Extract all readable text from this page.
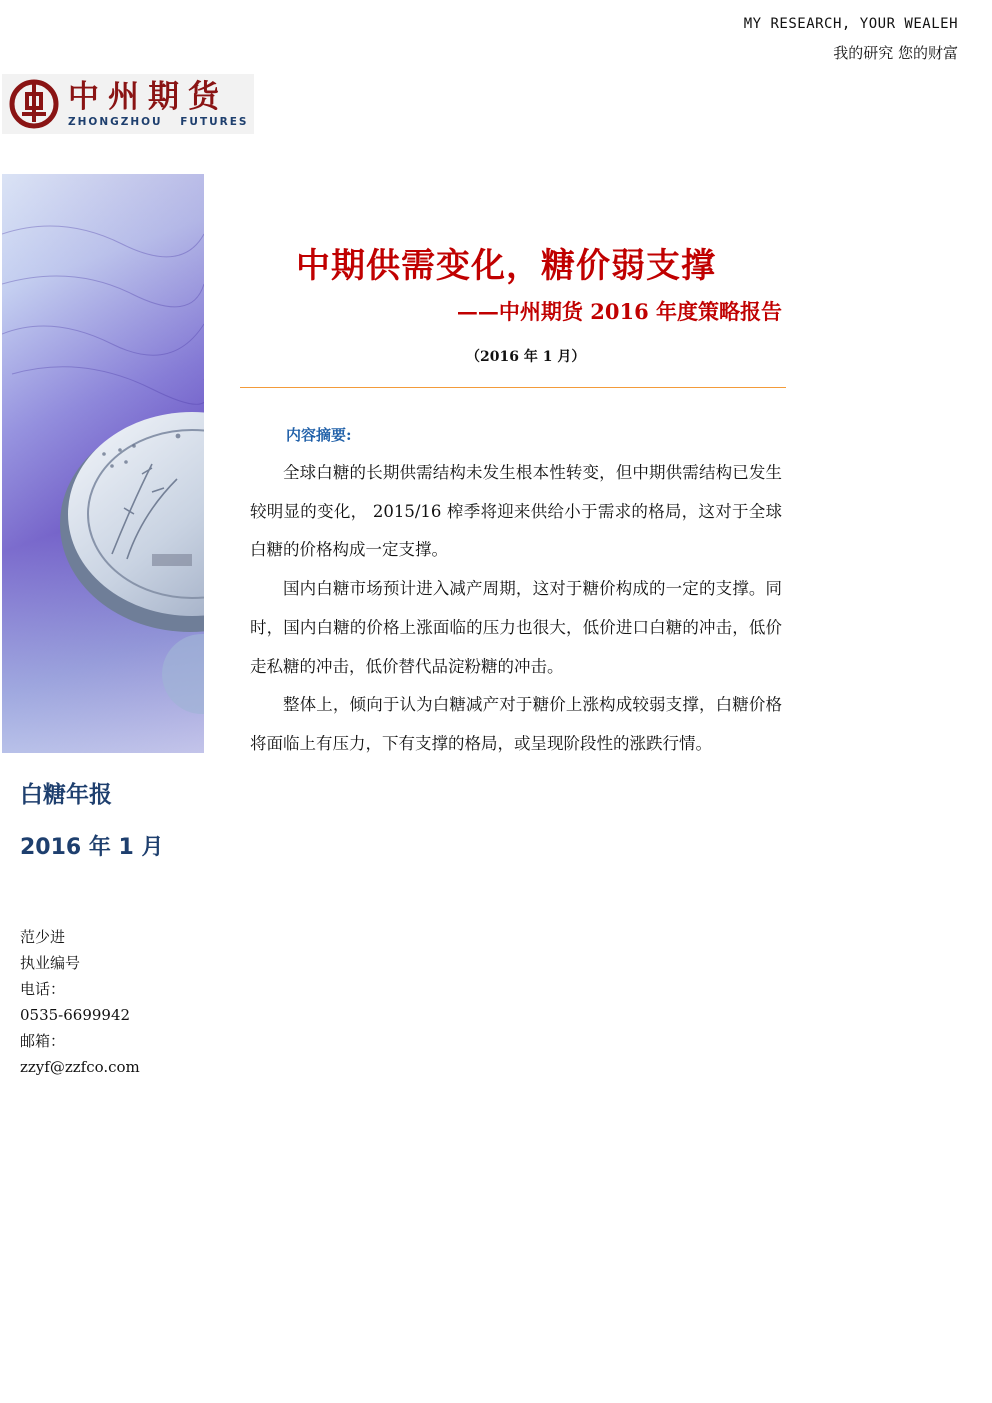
MY RESEARCH, YOUR WEALEH
我的研究 您的财富
中州期货
ZHONGZHOU FUTURES
中期供需变化，糖价弱支撑
——中州期货 2016 年度策略报告
（2016 年 1 月）
内容摘要:

全球白糖的长期供需结构未发生根本性转变，但中期供需结构已发生较明显的变化， 2015/16 榨季将迎来供给小于需求的格局，这对于全球白糖的价格构成一定支撑。

国内白糖市场预计进入减产周期，这对于糖价构成的一定的支撑。同时，国内白糖的价格上涨面临的压力也很大，低价进口白糖的冲击，低价走私糖的冲击，低价替代品淀粉糖的冲击。

整体上，倾向于认为白糖减产对于糖价上涨构成较弱支撑，白糖价格将面临上有压力，下有支撑的格局，或呈现阶段性的涨跌行情。

白糖年报
2016 年 1 月
范少进
执业编号
电话：
0535-6699942
邮箱：
zzyf@zzfco.com
